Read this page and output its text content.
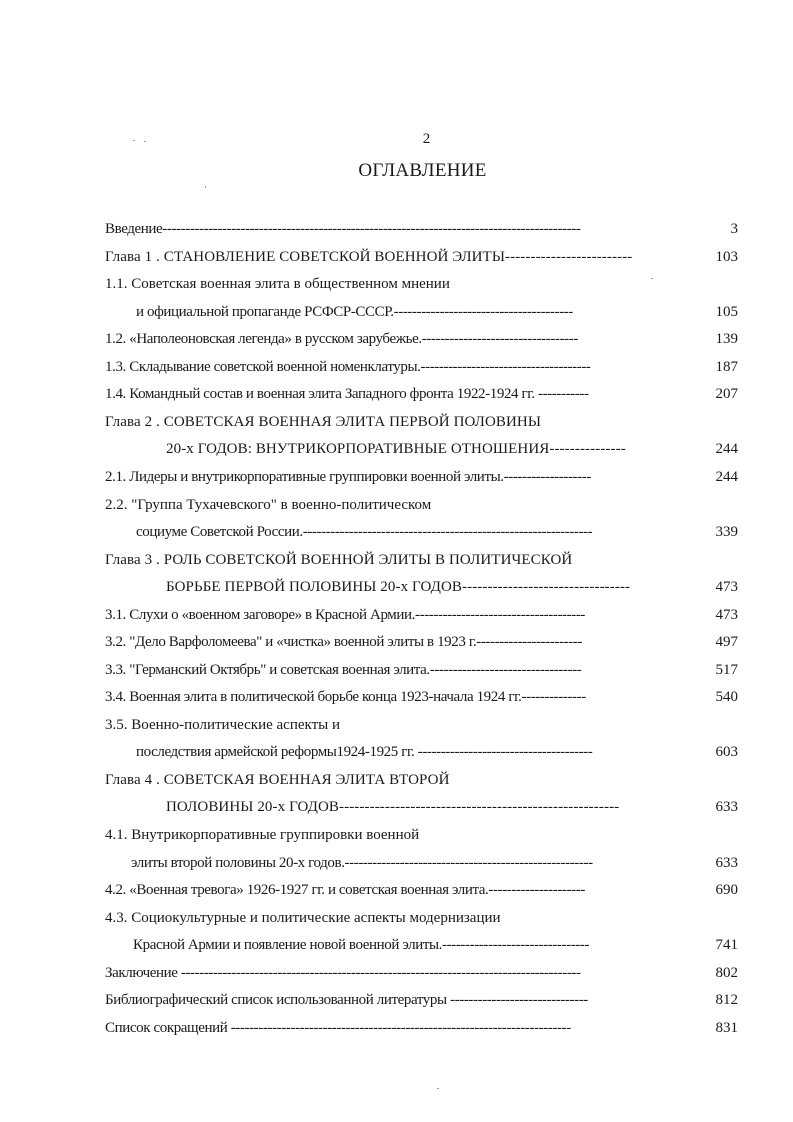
2
ОГЛАВЛЕНИЕ
Введение-------------------------------------------------------------------------------------------	3
Глава 1 . СТАНОВЛЕНИЕ СОВЕТСКОЙ ВОЕННОЙ ЭЛИТЫ-------------------------	103
1.1. Советская военная элита в общественном мнении
и официальной пропаганде РСФСР-СССР.---------------------------------------	105
1.2. «Наполеоновская легенда» в русском зарубежье.----------------------------------	139
1.3. Складывание советской военной номенклатуры.-------------------------------------	187
1.4. Командный состав и военная элита Западного фронта 1922-1924 гг. -----------	207
Глава 2 . СОВЕТСКАЯ ВОЕННАЯ ЭЛИТА ПЕРВОЙ ПОЛОВИНЫ
20-х ГОДОВ: ВНУТРИКОРПОРАТИВНЫЕ ОТНОШЕНИЯ---------------	244
2.1. Лидеры и внутрикорпоративные группировки военной элиты.-------------------	244
2.2. "Группа Тухачевского" в военно-политическом
социуме Советской России.---------------------------------------------------------------	339
Глава 3 . РОЛЬ СОВЕТСКОЙ ВОЕННОЙ ЭЛИТЫ В ПОЛИТИЧЕСКОЙ
БОРЬБЕ ПЕРВОЙ ПОЛОВИНЫ 20-х ГОДОВ---------------------------------	473
3.1. Слухи о «военном заговоре» в Красной Армии.-------------------------------------	473
3.2. "Дело Варфоломеева" и «чистка» военной элиты в 1923 г.-----------------------	497
3.3. "Германский Октябрь" и советская военная элита.---------------------------------	517
3.4. Военная элита в политической борьбе конца 1923-начала 1924 гг.--------------	540
3.5. Военно-политические аспекты и
последствия армейской реформы1924-1925 гг. --------------------------------------	603
Глава 4 . СОВЕТСКАЯ ВОЕННАЯ ЭЛИТА ВТОРОЙ
ПОЛОВИНЫ 20-х ГОДОВ-------------------------------------------------------	633
4.1. Внутрикорпоративные группировки военной
элиты второй половины 20-х годов.------------------------------------------------------	633
4.2. «Военная тревога» 1926-1927 гг. и советская военная элита.---------------------	690
4.3. Социокультурные и политические аспекты модернизации
Красной Армии и появление новой военной элиты.--------------------------------	741
Заключение ---------------------------------------------------------------------------------------	802
Библиографический список использованной литературы ------------------------------	812
Список сокращений --------------------------------------------------------------------------	831
